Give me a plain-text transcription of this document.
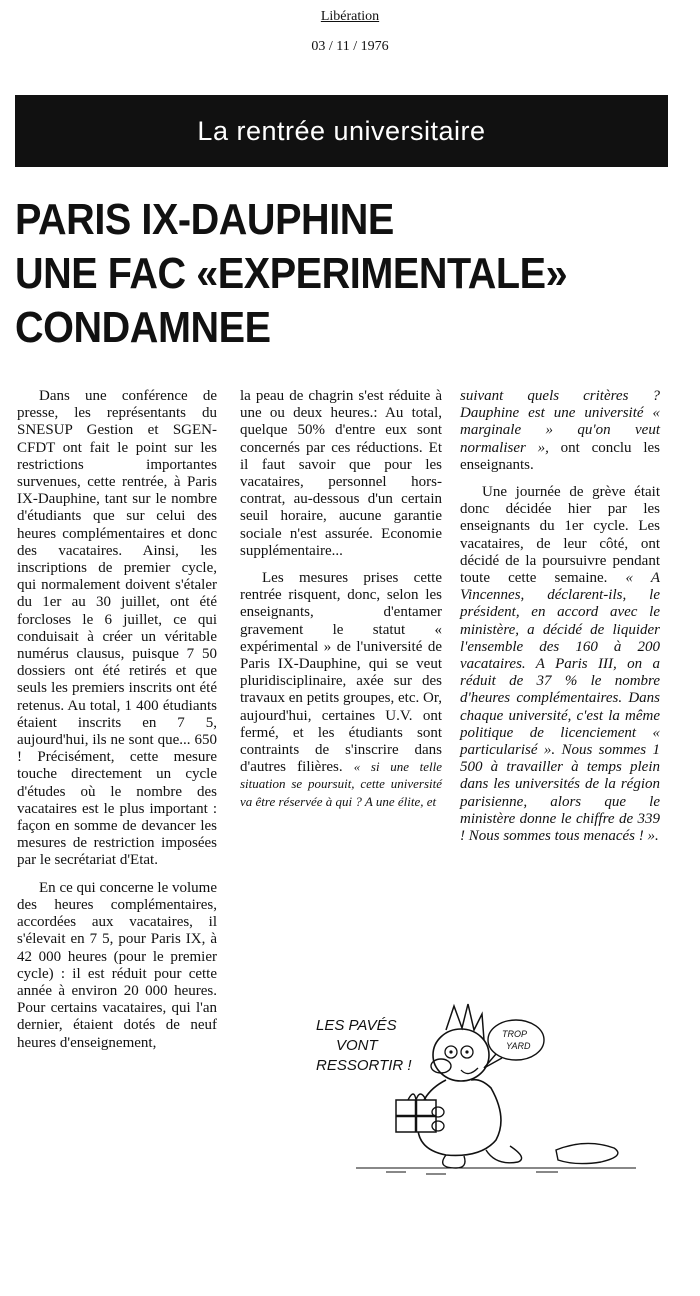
Libération
03 / 11 / 1976
La rentrée universitaire
PARIS IX-DAUPHINE
UNE FAC «EXPERIMENTALE»
CONDAMNEE

Dans une conférence de presse, les représentants du SNESUP Gestion et SGEN-CFDT ont fait le point sur les restrictions importantes survenues, cette rentrée, à Paris IX-Dauphine, tant sur le nombre d'étudiants que sur celui des heures complémentaires et donc des vacataires. Ainsi, les inscriptions de premier cycle, qui normalement doivent s'étaler du 1er au 30 juillet, ont été forcloses le 6 juillet, ce qui conduisait à créer un véritable numérus clausus, puisque 7 50 dossiers ont été retirés et que seuls les premiers inscrits ont été retenus. Au total, 1 400 étudiants étaient inscrits en 7 5, aujourd'hui, ils ne sont que... 650 ! Précisément, cette mesure touche directement un cycle d'études où le nombre des vacataires est le plus important : façon en somme de devancer les mesures de restriction imposées par le secrétariat d'Etat.

En ce qui concerne le volume des heures complémentaires, accordées aux vacataires, il s'élevait en 7 5, pour Paris IX, à 42 000 heures (pour le premier cycle) : il est réduit pour cette année à environ 20 000 heures. Pour certains vacataires, qui l'an dernier, étaient dotés de neuf heures d'enseignement,

la peau de chagrin s'est réduite à une ou deux heures.: Au total, quelque 50% d'entre eux sont concernés par ces réductions. Et il faut savoir que pour les vacataires, personnel hors-contrat, au-dessous d'un certain seuil horaire, aucune garantie sociale n'est assurée. Economie supplémentaire...

Les mesures prises cette rentrée risquent, donc, selon les enseignants, d'entamer gravement le statut « expérimental » de l'université de Paris IX-Dauphine, qui se veut pluridisciplinaire, axée sur des travaux en petits groupes, etc. Or, aujourd'hui, certaines U.V. ont fermé, et les étudiants sont contraints de s'inscrire dans d'autres filières. « si une telle situation se poursuit, cette université va être réservée à qui ? A une élite, et

suivant quels critères ? Dauphine est une université « marginale » qu'on veut normaliser », ont conclu les enseignants.

Une journée de grève était donc décidée hier par les enseignants du 1er cycle. Les vacataires, de leur côté, ont décidé de la poursuivre pendant toute cette semaine. « A Vincennes, déclarent-ils, le président, en accord avec le ministère, a décidé de liquider l'ensemble des 160 à 200 vacataires. A Paris III, on a réduit de 37 % le nombre d'heures complémentaires. Dans chaque université, c'est la même politique de licenciement « particularisé ». Nous sommes 1 500 à travailler à temps plein dans les universités de la région parisienne, alors que le ministère donne le chiffre de 339 ! Nous sommes tous menacés ! ».

LES PAVÉS
VONT
RESSORTIR !
TROP
YARD
